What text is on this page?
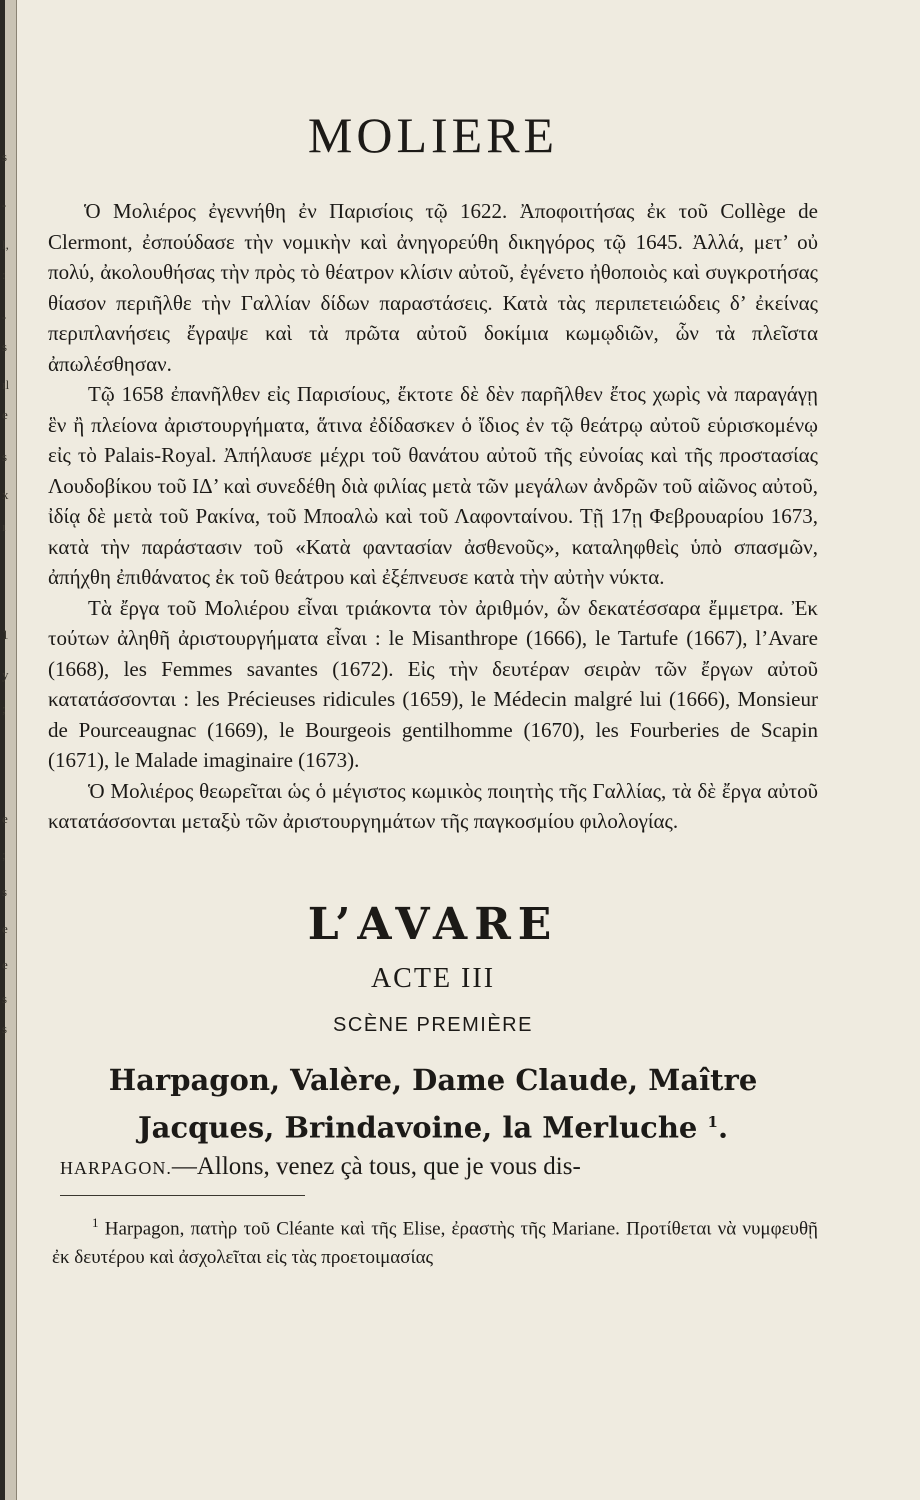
s
-
l,
:
-
s
ıl
e
s
x
ı
1
y
;
e
;
s
e
e
s
s
MOLIERE

Ὁ Μολιέρος ἐγεννήθη ἐν Παρισίοις τῷ 1622. Ἀποφοιτήσας ἐκ τοῦ Collège de Clermont, ἐσπούδασε τὴν νομικὴν καὶ ἀνηγορεύθη δικηγόρος τῷ 1645. Ἀλλά, μετ’ οὐ πολύ, ἀκολουθήσας τὴν πρὸς τὸ θέατρον κλίσιν αὐτοῦ, ἐγένετο ἠθοποιὸς καὶ συγκροτήσας θίασον περιῆλθε τὴν Γαλλίαν δίδων παραστάσεις. Κατὰ τὰς περιπετειώδεις δ’ ἐκείνας περιπλανήσεις ἔγραψε καὶ τὰ πρῶτα αὐτοῦ δοκίμια κωμῳδιῶν, ὧν τὰ πλεῖστα ἀπωλέσθησαν.

Τῷ 1658 ἐπανῆλθεν εἰς Παρισίους, ἔκτοτε δὲ δὲν παρῆλθεν ἔτος χωρὶς νὰ παραγάγῃ ἓν ἢ πλείονα ἀριστουργήματα, ἅτινα ἐδίδασκεν ὁ ἴδιος ἐν τῷ θεάτρῳ αὐτοῦ εὑρισκομένῳ εἰς τὸ Palais-Royal. Ἀπήλαυσε μέχρι τοῦ θανάτου αὐτοῦ τῆς εὐνοίας καὶ τῆς προστασίας Λουδοβίκου τοῦ ΙΔ’ καὶ συνεδέθη διὰ φιλίας μετὰ τῶν μεγάλων ἀνδρῶν τοῦ αἰῶνος αὐτοῦ, ἰδίᾳ δὲ μετὰ τοῦ Ρακίνα, τοῦ Μποαλὼ καὶ τοῦ Λαφονταίνου. Τῇ 17ῃ Φεβρουαρίου 1673, κατὰ τὴν παράστασιν τοῦ «Κατὰ φαντασίαν ἀσθενοῦς», καταληφθεὶς ὑπὸ σπασμῶν, ἀπήχθη ἐπιθάνατος ἐκ τοῦ θεάτρου καὶ ἐξέπνευσε κατὰ τὴν αὐτὴν νύκτα.

Τὰ ἔργα τοῦ Μολιέρου εἶναι τριάκοντα τὸν ἀριθμόν, ὧν δεκατέσσαρα ἔμμετρα. Ἐκ τούτων ἀληθῆ ἀριστουργήματα εἶναι : le Misanthrope (1666), le Tartufe (1667), l’Avare (1668), les Femmes savantes (1672). Εἰς τὴν δευτέραν σειρὰν τῶν ἔργων αὐτοῦ κατατάσσονται : les Précieuses ridicules (1659), le Médecin malgré lui (1666), Monsieur de Pourceaugnac (1669), le Bourgeois gentilhomme (1670), les Fourberies de Scapin (1671), le Malade imaginaire (1673).

Ὁ Μολιέρος θεωρεῖται ὡς ὁ μέγιστος κωμικὸς ποιητὴς τῆς Γαλλίας, τὰ δὲ ἔργα αὐτοῦ κατατάσσονται μεταξὺ τῶν ἀριστουργημάτων τῆς παγκοσμίου φιλολογίας.

L’AVARE
ACTE III
SCÈNE PREMIÈRE
Harpagon, Valère, Dame Claude, Maître
Jacques, Brindavoine, la Merluche $^1$.
HARPAGON.—Allons, venez çà tous, que je vous dis-

$^1$ Harpagon, πατὴρ τοῦ Cléante καὶ τῆς Elise, ἐραστὴς τῆς Mariane. Προτίθεται νὰ νυμφευθῇ ἐκ δευτέρου καὶ ἀσχολεῖται εἰς τὰς προετοιμασίας
